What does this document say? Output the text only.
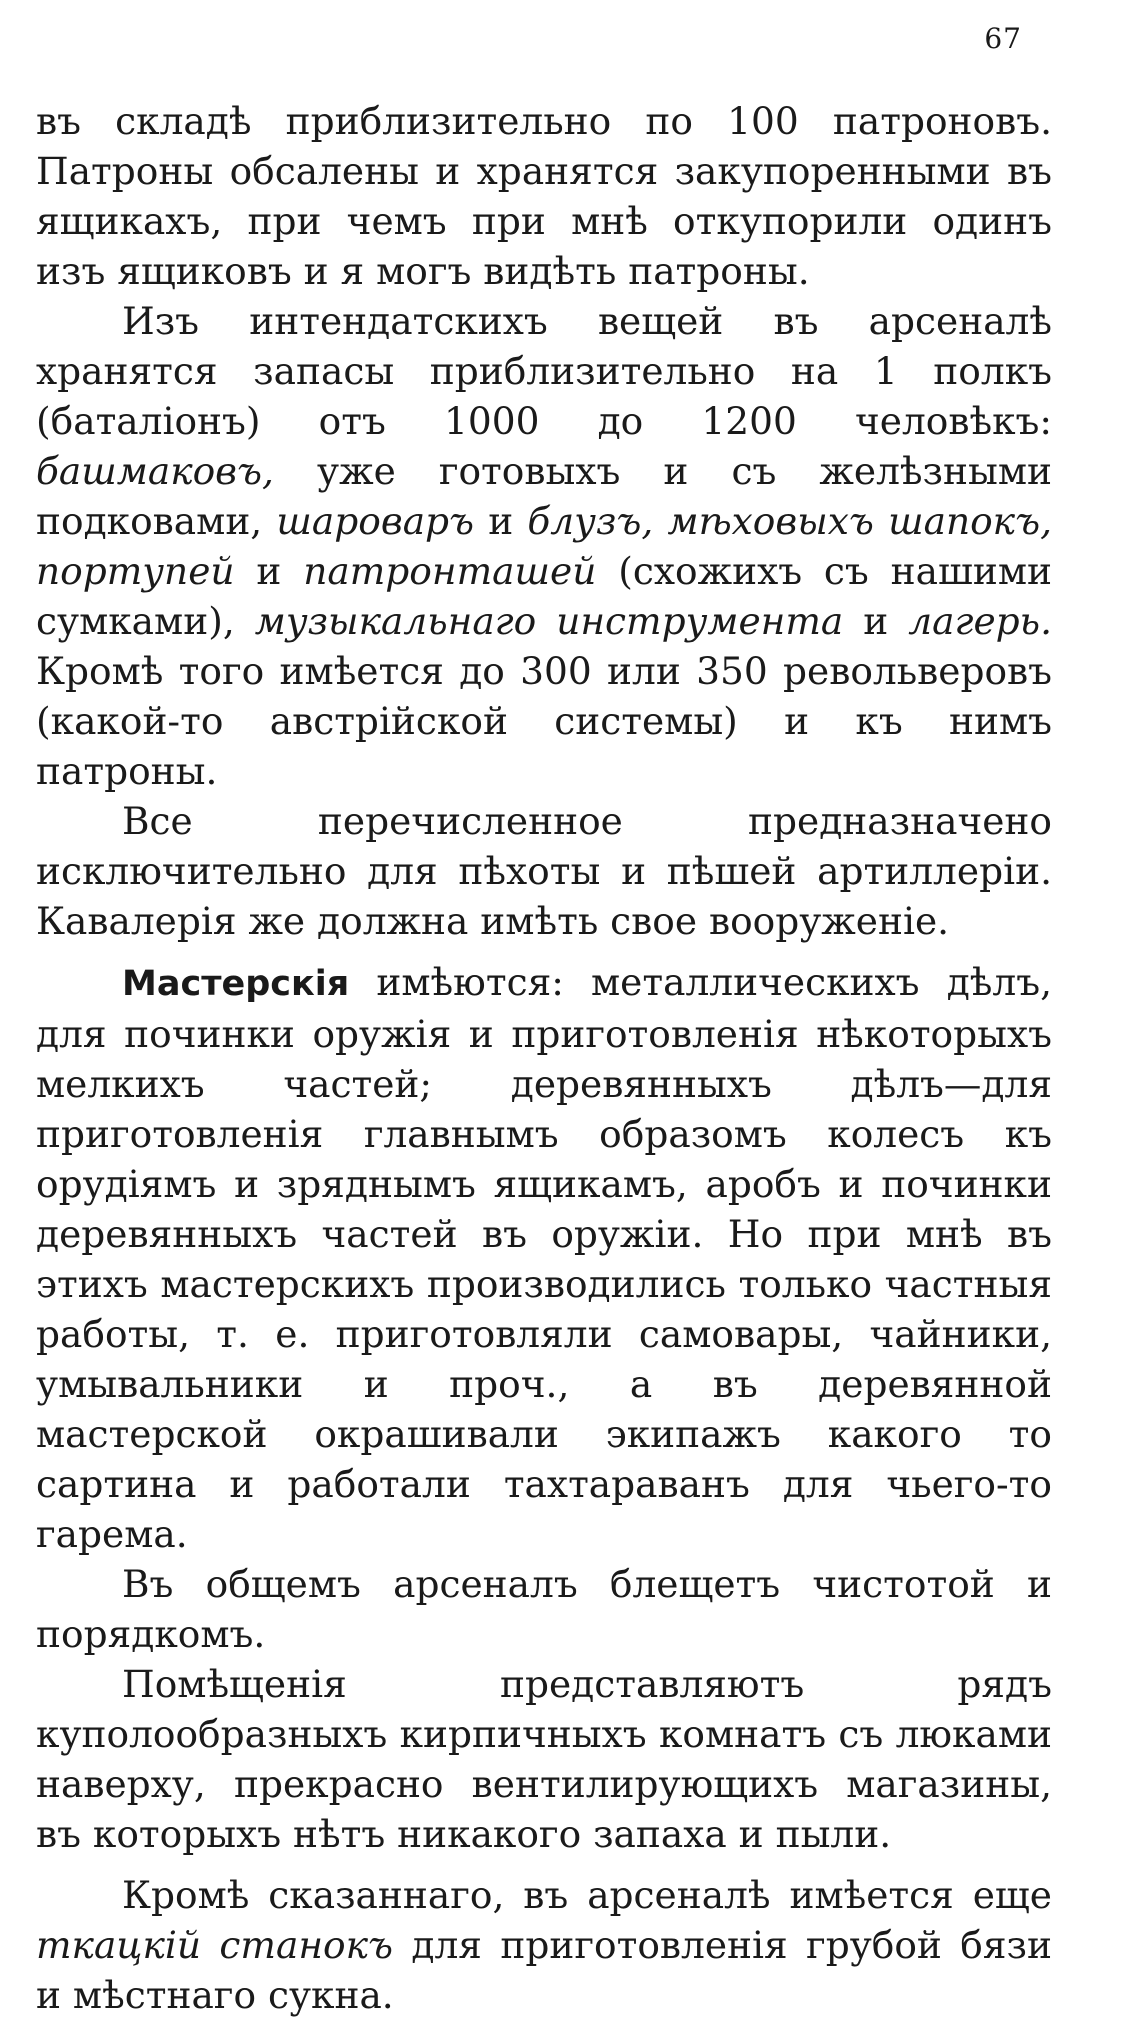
67

въ складѣ приблизительно по 100 патроновъ. Патроны обсалены и хранятся закупоренными въ ящикахъ, при чемъ при мнѣ откупорили одинъ изъ ящиковъ и я могъ видѣть патроны.

Изъ интендатскихъ вещей въ арсеналѣ хранятся запасы приблизительно на 1 полкъ (баталіонъ) отъ 1000 до 1200 человѣкъ: башмаковъ, уже готовыхъ и съ желѣзными подковами, шароваръ и блузъ, мѣховыхъ шапокъ, портупей и патронташей (схожихъ съ нашими сумками), музыкальнаго инструмента и лагерь. Кромѣ того имѣется до 300 или 350 револьверовъ (какой-то австрійской системы) и къ нимъ патроны.

Все перечисленное предназначено исключительно для пѣхоты и пѣшей артиллеріи. Кавалерія же должна имѣть свое вооруженіе.

Мастерскія имѣются: металлическихъ дѣлъ, для починки оружія и приготовленія нѣкоторыхъ мелкихъ частей; деревянныхъ дѣлъ—для приготовленія главнымъ образомъ колесъ къ орудіямъ и зряднымъ ящикамъ, аробъ и починки деревянныхъ частей въ оружіи. Но при мнѣ въ этихъ мастерскихъ производились только частныя работы, т. е. приготовляли самовары, чайники, умывальники и проч., а въ деревянной мастерской окрашивали экипажъ какого то сартина и работали тахтараванъ для чьего-то гарема.

Въ общемъ арсеналъ блещетъ чистотой и порядкомъ.

Помѣщенія представляютъ рядъ куполообразныхъ кирпичныхъ комнатъ съ люками наверху, прекрасно вентилирующихъ магазины, въ которыхъ нѣтъ никакого запаха и пыли.

Кромѣ сказаннаго, въ арсеналѣ имѣется еще ткацкій станокъ для приготовленія грубой бязи и мѣстнаго сукна.
